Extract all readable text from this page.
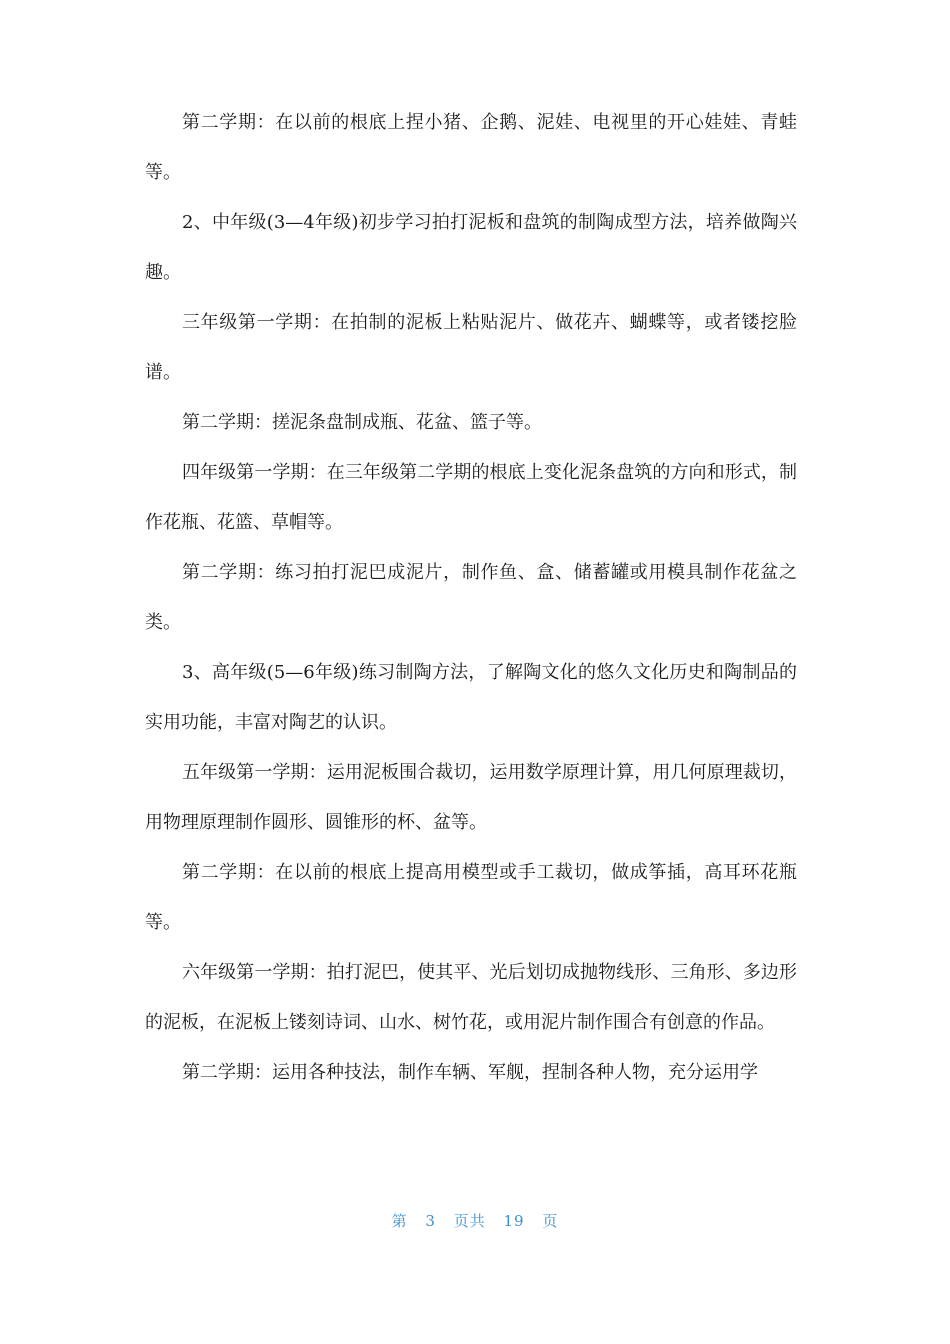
第二学期：在以前的根底上捏小猪、企鹅、泥娃、电视里的开心娃娃、青蛙等。

2、中年级(3—4年级)初步学习拍打泥板和盘筑的制陶成型方法，培养做陶兴趣。

三年级第一学期：在拍制的泥板上粘贴泥片、做花卉、蝴蝶等，或者镂挖脸谱。

第二学期：搓泥条盘制成瓶、花盆、篮子等。

四年级第一学期：在三年级第二学期的根底上变化泥条盘筑的方向和形式，制作花瓶、花篮、草帽等。

第二学期：练习拍打泥巴成泥片，制作鱼、盒、储蓄罐或用模具制作花盆之类。

3、高年级(5—6年级)练习制陶方法，了解陶文化的悠久文化历史和陶制品的实用功能，丰富对陶艺的认识。

五年级第一学期：运用泥板围合裁切，运用数学原理计算，用几何原理裁切，用物理原理制作圆形、圆锥形的杯、盆等。

第二学期：在以前的根底上提高用模型或手工裁切，做成筝插，高耳环花瓶等。

六年级第一学期：拍打泥巴，使其平、光后划切成抛物线形、三角形、多边形的泥板，在泥板上镂刻诗词、山水、树竹花，或用泥片制作围合有创意的作品。

第二学期：运用各种技法，制作车辆、军舰，捏制各种人物，充分运用学

第 3 页共 19 页
